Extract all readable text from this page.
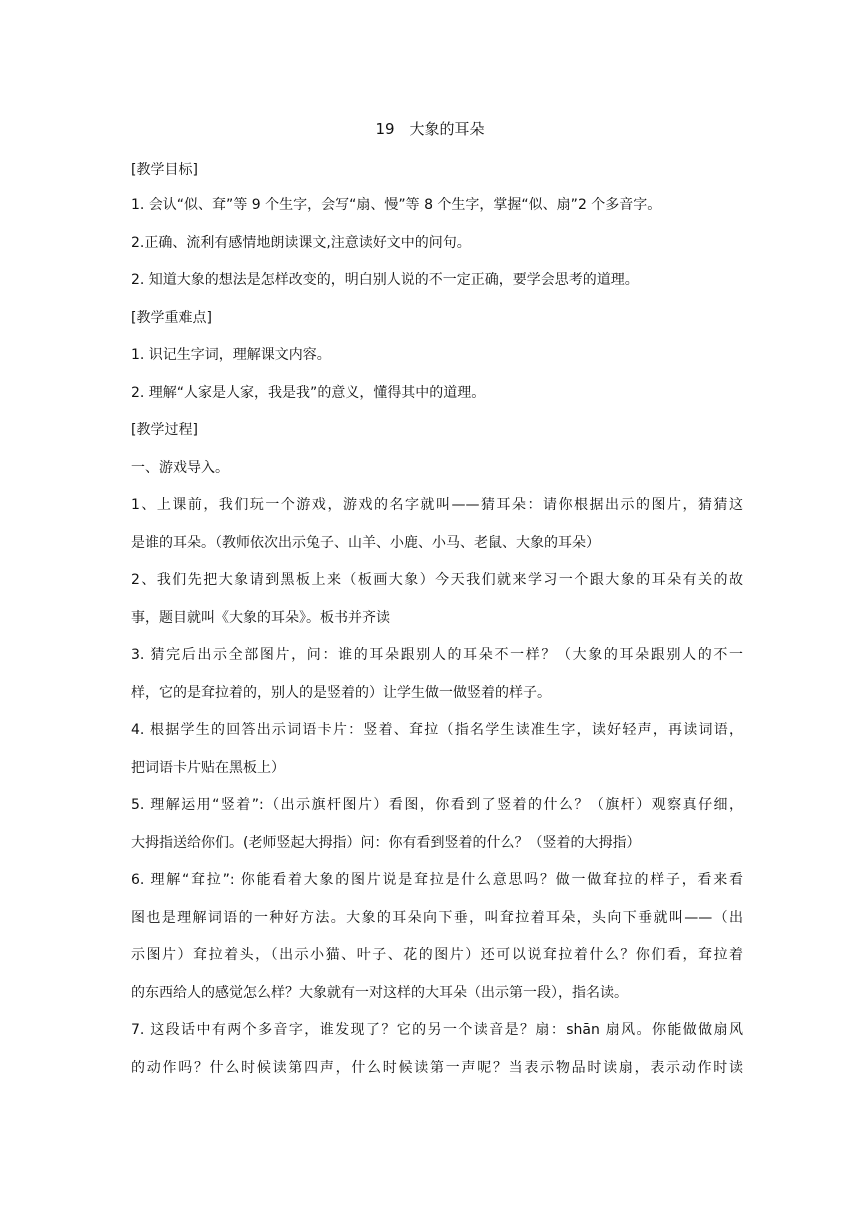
19　大象的耳朵
[教学目标]
1. 会认“似、耷”等 9 个生字，会写“扇、慢”等 8 个生字，掌握“似、扇”2 个多音字。
2.正确、流利有感情地朗读课文,注意读好文中的问句。
2. 知道大象的想法是怎样改变的，明白别人说的不一定正确，要学会思考的道理。
[教学重难点]
1. 识记生字词，理解课文内容。
2. 理解“人家是人家，我是我”的意义，懂得其中的道理。
[教学过程]
一、游戏导入。
1、上课前，我们玩一个游戏，游戏的名字就叫——猜耳朵：请你根据出示的图片，猜猜这
是谁的耳朵。（教师依次出示兔子、山羊、小鹿、小马、老鼠、大象的耳朵）
2、我们先把大象请到黑板上来（板画大象）今天我们就来学习一个跟大象的耳朵有关的故
事，题目就叫《大象的耳朵》。板书并齐读
3. 猜完后出示全部图片，问：谁的耳朵跟别人的耳朵不一样？（大象的耳朵跟别人的不一
样，它的是耷拉着的，别人的是竖着的）让学生做一做竖着的样子。
4. 根据学生的回答出示词语卡片：竖着、耷拉（指名学生读准生字，读好轻声，再读词语，
把词语卡片贴在黑板上）
5. 理解运用“竖着”:（出示旗杆图片）看图，你看到了竖着的什么？（旗杆）观察真仔细，
大拇指送给你们。(老师竖起大拇指）问：你有看到竖着的什么？（竖着的大拇指）
6. 理解“耷拉”: 你能看着大象的图片说是耷拉是什么意思吗？做一做耷拉的样子，看来看
图也是理解词语的一种好方法。大象的耳朵向下垂，叫耷拉着耳朵，头向下垂就叫——（出
示图片）耷拉着头，（出示小猫、叶子、花的图片）还可以说耷拉着什么？你们看，耷拉着
的东西给人的感觉怎么样？大象就有一对这样的大耳朵（出示第一段），指名读。
7. 这段话中有两个多音字，谁发现了？它的另一个读音是？扇：shān 扇风。你能做做扇风
的动作吗？什么时候读第四声，什么时候读第一声呢？当表示物品时读扇，表示动作时读
